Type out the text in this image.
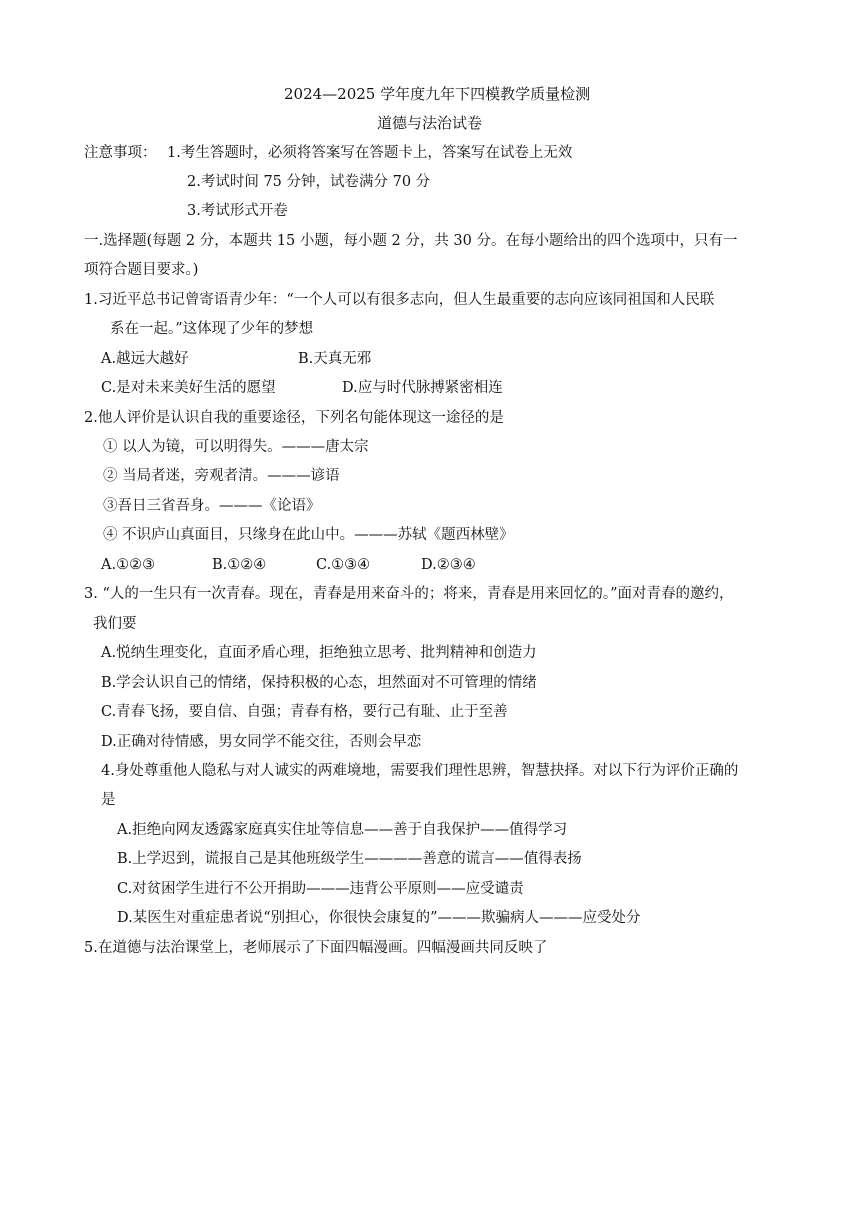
2024—2025 学年度九年下四模教学质量检测
道德与法治试卷
注意事项： 1.考生答题时，必须将答案写在答题卡上，答案写在试卷上无效
2.考试时间 75 分钟，试卷满分 70 分
3.考试形式开卷
一.选择题(每题 2 分，本题共 15 小题，每小题 2 分，共 30 分。在每小题给出的四个选项中，只有一
项符合题目要求。)
1.习近平总书记曾寄语青少年：“一个人可以有很多志向，但人生最重要的志向应该同祖国和人民联
系在一起。”这体现了少年的梦想
A.越远大越好	B.天真无邪
C.是对未来美好生活的愿望	D.应与时代脉搏紧密相连
2.他人评价是认识自我的重要途径，下列名句能体现这一途径的是
① 以人为镜，可以明得失。———唐太宗
② 当局者迷，旁观者清。———谚语
③吾日三省吾身。———《论语》
④ 不识庐山真面目，只缘身在此山中。———苏轼《题西林壁》
A.①②③	B.①②④	C.①③④	D.②③④
3. “人的一生只有一次青春。现在，青春是用来奋斗的；将来，青春是用来回忆的。”面对青春的邀约，
我们要
A.悦纳生理变化，直面矛盾心理，拒绝独立思考、批判精神和创造力
B.学会认识自己的情绪，保持积极的心态，坦然面对不可管理的情绪
C.青春飞扬，要自信、自强；青春有格，要行己有耻、止于至善
D.正确对待情感，男女同学不能交往，否则会早恋
4.身处尊重他人隐私与对人诚实的两难境地，需要我们理性思辨，智慧抉择。对以下行为评价正确的
是
A.拒绝向网友透露家庭真实住址等信息——善于自我保护——值得学习
B.上学迟到，谎报自己是其他班级学生————善意的谎言——值得表扬
C.对贫困学生进行不公开捐助———违背公平原则——应受谴责
D.某医生对重症患者说“别担心，你很快会康复的”———欺骗病人———应受处分
5.在道德与法治课堂上，老师展示了下面四幅漫画。四幅漫画共同反映了
